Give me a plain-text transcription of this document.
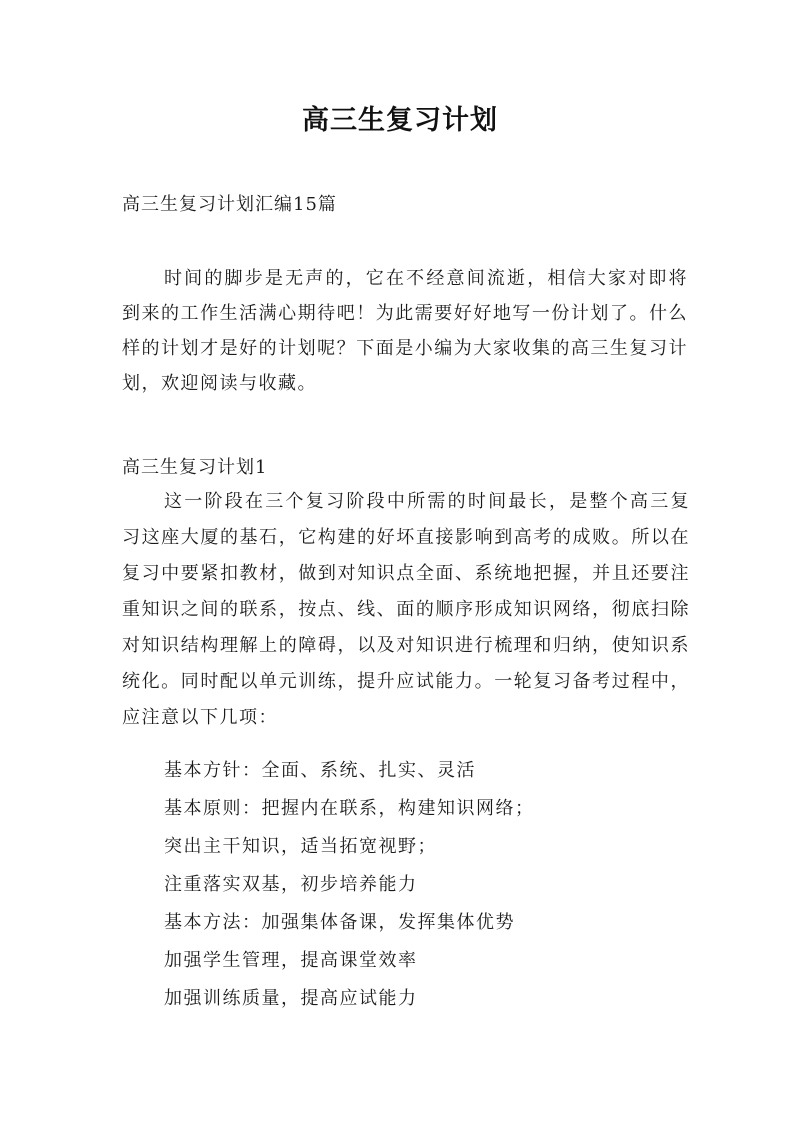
高三生复习计划
高三生复习计划汇编15篇

时间的脚步是无声的，它在不经意间流逝，相信大家对即将到来的工作生活满心期待吧！为此需要好好地写一份计划了。什么样的计划才是好的计划呢？下面是小编为大家收集的高三生复习计划，欢迎阅读与收藏。

高三生复习计划1

这一阶段在三个复习阶段中所需的时间最长，是整个高三复习这座大厦的基石，它构建的好坏直接影响到高考的成败。所以在复习中要紧扣教材，做到对知识点全面、系统地把握，并且还要注重知识之间的联系，按点、线、面的顺序形成知识网络，彻底扫除对知识结构理解上的障碍，以及对知识进行梳理和归纳，使知识系统化。同时配以单元训练，提升应试能力。一轮复习备考过程中，应注意以下几项：

基本方针：全面、系统、扎实、灵活
基本原则：把握内在联系，构建知识网络；
突出主干知识，适当拓宽视野；
注重落实双基，初步培养能力
基本方法：加强集体备课，发挥集体优势
加强学生管理，提高课堂效率
加强训练质量，提高应试能力
